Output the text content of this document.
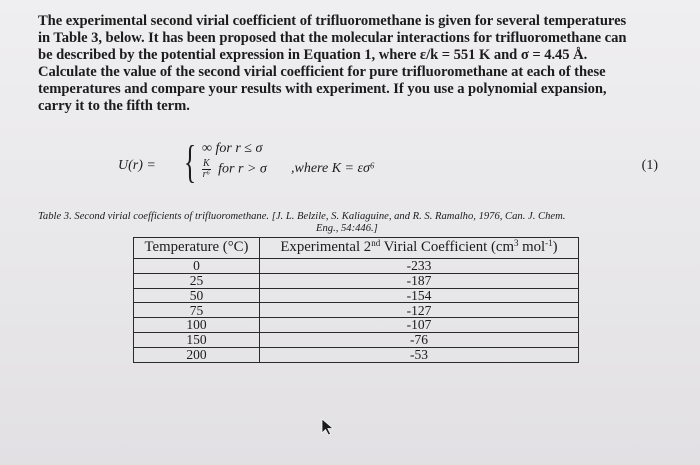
The experimental second virial coefficient of trifluoromethane is given for several temperatures
in Table 3, below. It has been proposed that the molecular interactions for trifluoromethane can
be described by the potential expression in Equation 1, where ε/k = 551 K and σ = 4.45 Å.
Calculate the value of the second virial coefficient for pure trifluoromethane at each of these
temperatures and compare your results with experiment. If you use a polynomial expansion,
carry it to the fifth term.

U(r) = { ∞ for r ≤ σ
$\frac{K}{\text{r⁶}}$ for r > σ ,where K = εσ⁶	(1)
Table 3. Second virial coefficients of trifluoromethane. [J. L. Belzile, S. Kaliaguine, and R. S. Ramalho, 1976, Can. J. Chem.
Eng., 54:446.]
Temperature (°C)	Experimental 2nd Virial Coefficient ($cm^3$ mol$^{-1}$)
0	-233
25	-187
50	-154
75	-127
100	-107
150	-76
200	-53
